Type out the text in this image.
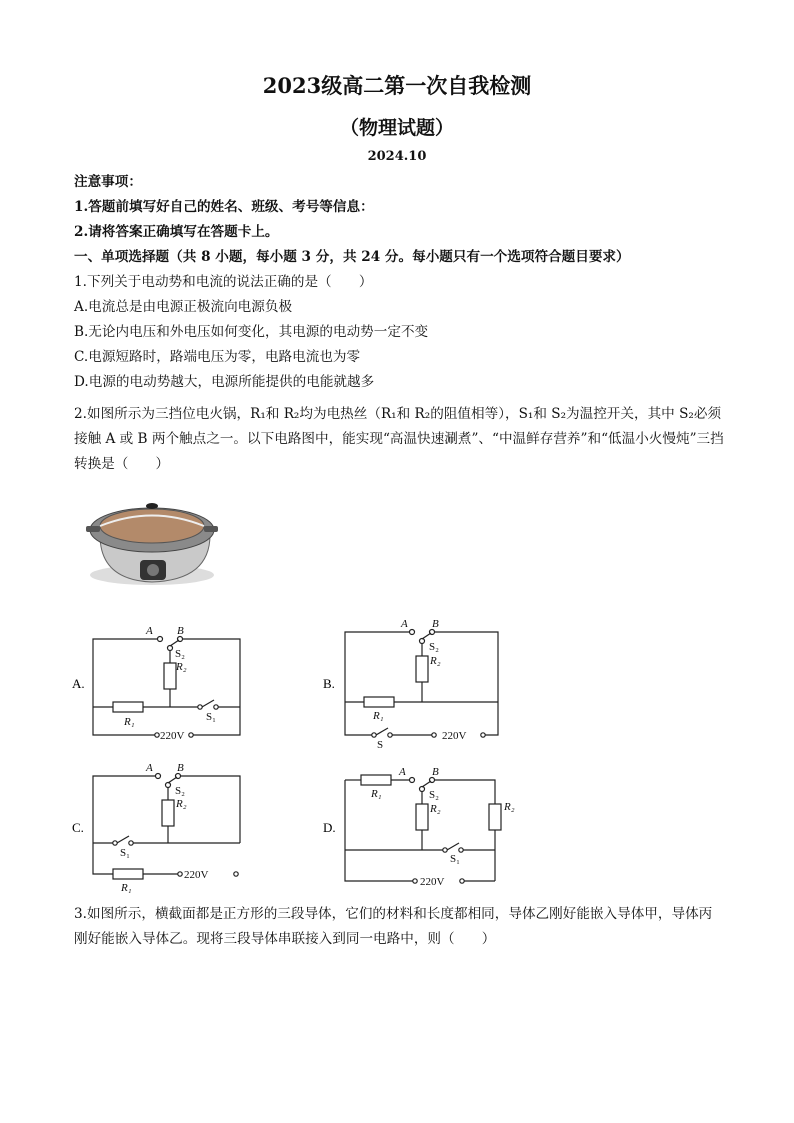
2023级高二第一次自我检测
（物理试题）
2024.10
注意事项：
1.答题前填写好自己的姓名、班级、考号等信息：
2.请将答案正确填写在答题卡上。
一、单项选择题（共 8 小题，每小题 3 分，共 24 分。每小题只有一个选项符合题目要求）
1.下列关于电动势和电流的说法正确的是（　　）
A.电流总是由电源正极流向电源负极
B.无论内电压和外电压如何变化，其电源的电动势一定不变
C.电源短路时，路端电压为零，电路电流也为零
D.电源的电动势越大，电源所能提供的电能就越多
2.如图所示为三挡位电火锅，R₁和 R₂均为电热丝（R₁和 R₂的阻值相等），S₁和 S₂为温控开关，其中 S₂必须接触 A 或 B 两个触点之一。以下电路图中，能实现“高温快速涮煮”、“中温鲜存营养”和“低温小火慢炖”三挡转换是（　　）
A.	B.
C.	D.
A B
S₂
R₂
R₁	S₁
220V
A B
S₂
R₂
R₁
S
220V
A B
S₂
R₂
S₁
R₁
220V
A B
S₂
R₂	R₂
R₁
S₁
220V
3.如图所示，横截面都是正方形的三段导体，它们的材料和长度都相同，导体乙刚好能嵌入导体甲，导体丙刚好能嵌入导体乙。现将三段导体串联接入到同一电路中，则（　　）
